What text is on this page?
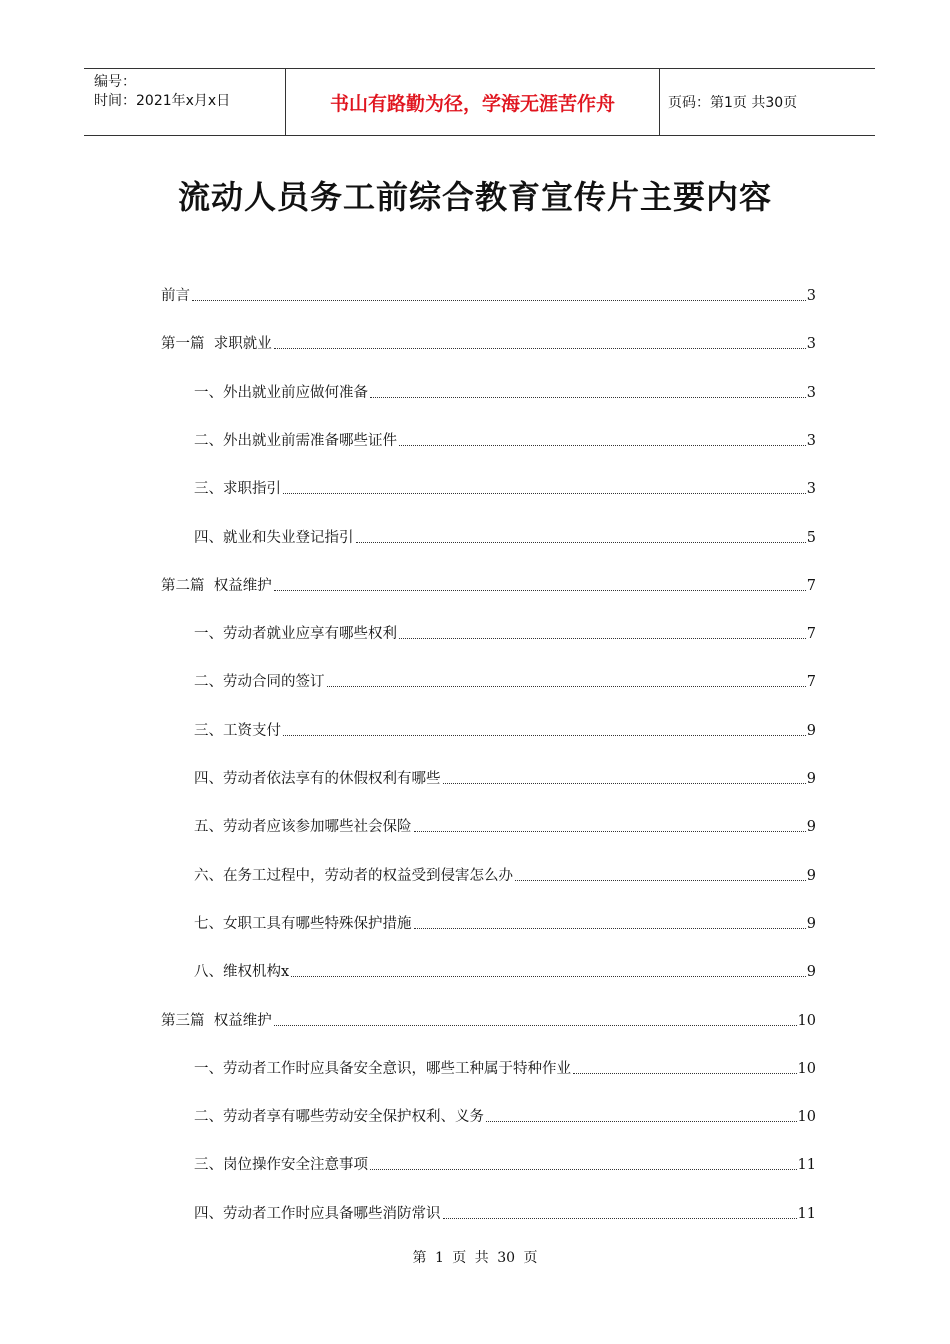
编号：
时间：2021年x月x日	书山有路勤为径，学海无涯苦作舟	页码：第1页 共30页
流动人员务工前综合教育宣传片主要内容
前言	3
第一篇  求职就业	3
一、外出就业前应做何准备	3
二、外出就业前需准备哪些证件	3
三、求职指引	3
四、就业和失业登记指引	5
第二篇  权益维护	7
一、劳动者就业应享有哪些权利	7
二、劳动合同的签订	7
三、工资支付	9
四、劳动者依法享有的休假权利有哪些	9
五、劳动者应该参加哪些社会保险	9
六、在务工过程中，劳动者的权益受到侵害怎么办	9
七、女职工具有哪些特殊保护措施	9
八、维权机构x	9
第三篇  权益维护	10
一、劳动者工作时应具备安全意识，哪些工种属于特种作业	10
二、劳动者享有哪些劳动安全保护权利、义务	10
三、岗位操作安全注意事项	11
四、劳动者工作时应具备哪些消防常识	11
第 1 页 共 30 页
